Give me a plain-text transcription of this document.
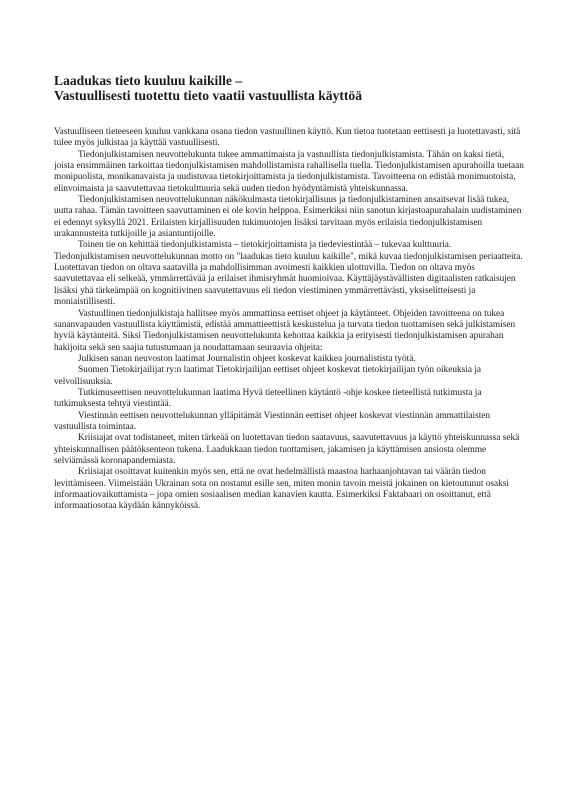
Laadukas tieto kuuluu kaikille –
Vastuullisesti tuotettu tieto vaatii vastuullista käyttöä

Vastuulliseen tieteeseen kuuluu vankkana osana tiedon vastuullinen käyttö. Kun tietoa tuotetaan eettisesti ja luotettavasti, sitä tulee myös julkistaa ja käyttää vastuullisesti.

Tiedonjulkistamisen neuvottelukunta tukee ammattimaista ja vastuullista tiedonjulkistamista. Tähän on kaksi tietä, joista ensimmäinen tarkoittaa tiedonjulkistamisen mahdollistamista rahallisella tuella. Tiedonjulkistamisen apurahoilla tuetaan monipuolista, monikanavaista ja uudistuvaa tietokirjoittamista ja tiedonjulkistamista. Tavoitteena on edistää monimuotoista, elinvoimaista ja saavutettavaa tietokulttuuria sekä uuden tiedon hyödyntämistä yhteiskunnassa.

Tiedonjulkistamisen neuvottelukunnan näkökulmasta tietokirjallisuus ja tiedonjulkistaminen ansaitsevat lisää tukea, uutta rahaa. Tämän tavoitteen saavuttaminen ei ole kovin helppoa. Esimerkiksi niin sanotun kirjastoapurahalain uudistaminen ei edennyt syksyllä 2021. Erilaisten kirjallisuuden tukimuotojen lisäksi tarvitaan myös erilaisia tiedonjulkistamisen urakannusteita tutkijoille ja asiantuntijoille.

Toinen tie on kehittää tiedonjulkistamista – tietokirjoittamista ja tiedeviestintää – tukevaa kulttuuria. Tiedonjulkistamisen neuvottelukunnan motto on "laadukas tieto kuuluu kaikille", mikä kuvaa tiedonjulkistamisen periaatteita. Luotettavan tiedon on oltava saatavilla ja mahdollisimman avoimesti kaikkien ulottuvilla. Tiedon on oltava myös saavutettavaa eli selkeää, ymmärrettävää ja erilaiset ihmisryhmät huomioivaa. Käyttäjäystävällisten digitaalisten ratkaisujen lisäksi yhä tärkeämpää on kognitiivinen saavutettavuus eli tiedon viestiminen ymmärrettävästi, yksiselitteisesti ja moniaistillisesti.

Vastuullinen tiedonjulkistaja hallitsee myös ammattinsa eettiset ohjeet ja käytänteet. Ohjeiden tavoitteena on tukea sananvapauden vastuullista käyttämistä, edistää ammattieettistä keskustelua ja turvata tiedon tuottamisen sekä julkistamisen hyviä käytänteitä. Siksi Tiedonjulkistamisen neuvottelukunta kehottaa kaikkia ja erityisesti tiedonjulkistamisen apurahan hakijoita sekä sen saajia tutustumaan ja noudattamaan seuraavia ohjeita:

Julkisen sanan neuvoston laatimat Journalistin ohjeet koskevat kaikkea journalistista työtä.

Suomen Tietokirjailijat ry:n laatimat Tietokirjailijan eettiset ohjeet koskevat tietokirjailijan työn oikeuksia ja velvollisuuksia.

Tutkimuseettisen neuvottelukunnan laatima Hyvä tieteellinen käytäntö -ohje koskee tieteellistä tutkimusta ja tutkimuksesta tehtyä viestintää.

Viestinnän eettisen neuvottelukunnan ylläpitämät Viestinnän eettiset ohjeet koskevat viestinnän ammattilaisten vastuullista toimintaa.

Kriisiajat ovat todistaneet, miten tärkeää on luotettavan tiedon saatavuus, saavutettavuus ja käyttö yhteiskunnassa sekä yhteiskunnallisen päätöksenteon tukena. Laadukkaan tiedon tuottamisen, jakamisen ja käyttämisen ansiosta olemme selviämässä koronapandemiasta.

Kriisiajat osoittavat kuitenkin myös sen, että ne ovat hedelmällistä maastoa harhaanjohtavan tai väärän tiedon levittämiseen. Viimeistään Ukrainan sota on nostanut esille sen, miten monin tavoin meistä jokainen on kietoutunut osaksi informaatiovaikuttamista – jopa omien sosiaalisen median kanavien kautta. Esimerkiksi Faktabaari on osoittanut, että informaatiosotaa käydään kännyköissä.
